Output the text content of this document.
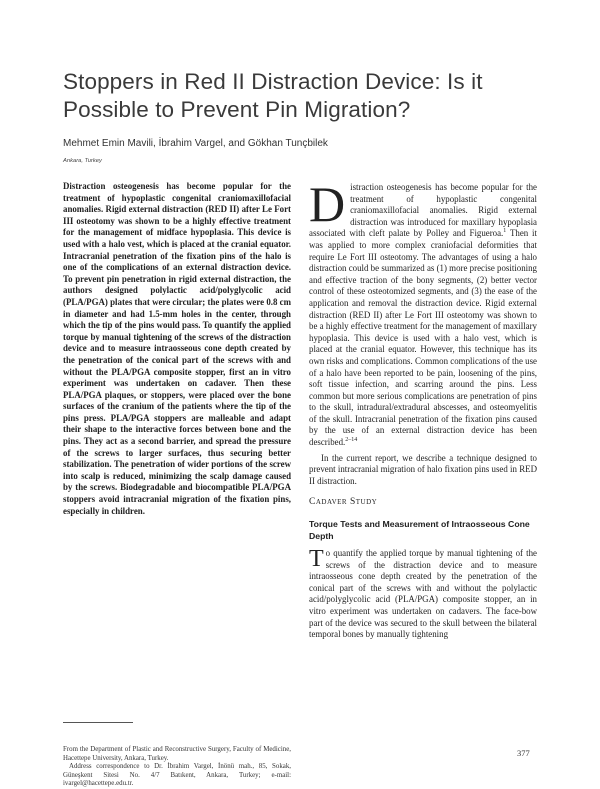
Stoppers in Red II Distraction Device: Is it Possible to Prevent Pin Migration?
Mehmet Emin Mavili, İbrahim Vargel, and Gökhan Tunçbilek
Ankara, Turkey

Distraction osteogenesis has become popular for the treatment of hypoplastic congenital craniomaxillofacial anomalies. Rigid external distraction (RED II) after Le Fort III osteotomy was shown to be a highly effective treatment for the management of midface hypoplasia. This device is used with a halo vest, which is placed at the cranial equator. Intracranial penetration of the fixation pins of the halo is one of the complications of an external distraction device. To prevent pin penetration in rigid external distraction, the authors designed polylactic acid/polyglycolic acid (PLA/PGA) plates that were circular; the plates were 0.8 cm in diameter and had 1.5-mm holes in the center, through which the tip of the pins would pass. To quantify the applied torque by manual tightening of the screws of the distraction device and to measure intraosseous cone depth created by the penetration of the conical part of the screws with and without the PLA/PGA composite stopper, first an in vitro experiment was undertaken on cadaver. Then these PLA/PGA plaques, or stoppers, were placed over the bone surfaces of the cranium of the patients where the tip of the pins press. PLA/PGA stoppers are malleable and adapt their shape to the interactive forces between bone and the pins. They act as a second barrier, and spread the pressure of the screws to larger surfaces, thus securing better stabilization. The penetration of wider portions of the screw into scalp is reduced, minimizing the scalp damage caused by the screws. Biodegradable and biocompatible PLA/PGA stoppers avoid intracranial migration of the fixation pins, especially in children.

Distraction osteogenesis has become popular for the treatment of hypoplastic congenital craniomaxillofacial anomalies. Rigid external distraction was introduced for maxillary hypoplasia associated with cleft palate by Polley and Figueroa.$^1$ Then it was applied to more complex craniofacial deformities that require Le Fort III osteotomy. The advantages of using a halo distraction could be summarized as (1) more precise positioning and effective traction of the bony segments, (2) better vector control of these osteotomized segments, and (3) the ease of the application and removal the distraction device. Rigid external distraction (RED II) after Le Fort III osteotomy was shown to be a highly effective treatment for the management of maxillary hypoplasia. This device is used with a halo vest, which is placed at the cranial equator. However, this technique has its own risks and complications. Common complications of the use of a halo have been reported to be pain, loosening of the pins, soft tissue infection, and scarring around the pins. Less common but more serious complications are penetration of pins to the skull, intradural/extradural abscesses, and osteomyelitis of the skull. Intracranial penetration of the fixation pins caused by the use of an external distraction device has been described.$^{2-14}$

In the current report, we describe a technique designed to prevent intracranial migration of halo fixation pins used in RED II distraction.

Cadaver Study

Torque Tests and Measurement of Intraosseous Cone Depth

To quantify the applied torque by manual tightening of the screws of the distraction device and to measure intraosseous cone depth created by the penetration of the conical part of the screws with and without the polylactic acid/polyglycolic acid (PLA/PGA) composite stopper, an in vitro experiment was undertaken on cadavers. The face-bow part of the device was secured to the skull between the bilateral temporal bones by manually tightening

From the Department of Plastic and Reconstructive Surgery, Faculty of Medicine, Hacettepe University, Ankara, Turkey.

Address correspondence to Dr. İbrahim Vargel, İnönü mah., 85, Sokak, Güneşkent Sitesi No. 4/7 Batıkent, Ankara, Turkey; e-mail: ivargel@hacettepe.edu.tr.

377
